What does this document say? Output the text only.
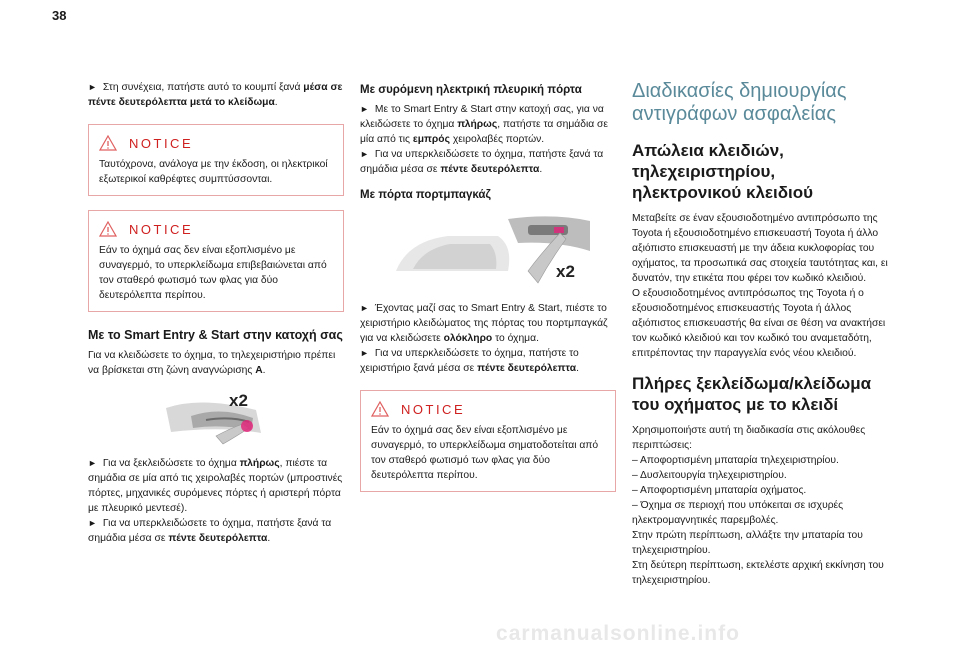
38

► Στη συνέχεια, πατήστε αυτό το κουμπί ξανά μέσα σε πέντε δευτερόλεπτα μετά το κλείδωμα.

NOTICE

Ταυτόχρονα, ανάλογα με την έκδοση, οι ηλεκτρικοί εξωτερικοί καθρέφτες συμπτύσσονται.

NOTICE

Εάν το όχημά σας δεν είναι εξοπλισμένο με συναγερμό, το υπερκλείδωμα επιβεβαιώνεται από τον σταθερό φωτισμό των φλας για δύο δευτερόλεπτα περίπου.

Με το Smart Entry & Start στην κατοχή σας

Για να κλειδώσετε το όχημα, το τηλεχειριστήριο πρέπει να βρίσκεται στη ζώνη αναγνώρισης A.

x2

► Για να ξεκλειδώσετε το όχημα πλήρως, πιέστε τα σημάδια σε μία από τις χειρολαβές πορτών (μπροστινές πόρτες, μηχανικές συρόμενες πόρτες ή αριστερή πόρτα με πλευρικό μεντεσέ).

► Για να υπερκλειδώσετε το όχημα, πατήστε ξανά τα σημάδια μέσα σε πέντε δευτερόλεπτα.

Με συρόμενη ηλεκτρική πλευρική πόρτα

► Με το Smart Entry & Start στην κατοχή σας, για να κλειδώσετε το όχημα πλήρως, πατήστε τα σημάδια σε μία από τις εμπρός χειρολαβές πορτών.

► Για να υπερκλειδώσετε το όχημα, πατήστε ξανά τα σημάδια μέσα σε πέντε δευτερόλεπτα.

Με πόρτα πορτμπαγκάζ
x2

► Έχοντας μαζί σας το Smart Entry & Start, πιέστε το χειριστήριο κλειδώματος της πόρτας του πορτμπαγκάζ για να κλειδώσετε ολόκληρο το όχημα.

► Για να υπερκλειδώσετε το όχημα, πατήστε το χειριστήριο ξανά μέσα σε πέντε δευτερόλεπτα.

NOTICE

Εάν το όχημά σας δεν είναι εξοπλισμένο με συναγερμό, το υπερκλείδωμα σηματοδοτείται από τον σταθερό φωτισμό των φλας για δύο δευτερόλεπτα περίπου.

Διαδικασίες δημιουργίας αντιγράφων ασφαλείας
Απώλεια κλειδιών, τηλεχειριστηρίου, ηλεκτρονικού κλειδιού

Μεταβείτε σε έναν εξουσιοδοτημένο αντιπρόσωπο της Toyota ή εξουσιοδοτημένο επισκευαστή Toyota ή άλλο αξιόπιστο επισκευαστή με την άδεια κυκλοφορίας του οχήματος, τα προσωπικά σας στοιχεία ταυτότητας και, ει δυνατόν, την ετικέτα που φέρει τον κωδικό κλειδιού.

Ο εξουσιοδοτημένος αντιπρόσωπος της Toyota ή ο εξουσιοδοτημένος επισκευαστής Toyota ή άλλος αξιόπιστος επισκευαστής θα είναι σε θέση να ανακτήσει τον κωδικό κλειδιού και τον κωδικό του αναμεταδότη, επιτρέποντας την παραγγελία ενός νέου κλειδιού.

Πλήρες ξεκλείδωμα/κλείδωμα του οχήματος με το κλειδί

Χρησιμοποιήστε αυτή τη διαδικασία στις ακόλουθες περιπτώσεις:

– Αποφορτισμένη μπαταρία τηλεχειριστηρίου.
– Δυσλειτουργία τηλεχειριστηρίου.
– Αποφορτισμένη μπαταρία οχήματος.
– Όχημα σε περιοχή που υπόκειται σε ισχυρές ηλεκτρομαγνητικές παρεμβολές.

Στην πρώτη περίπτωση, αλλάξτε την μπαταρία του τηλεχειριστηρίου.

Στη δεύτερη περίπτωση, εκτελέστε αρχική εκκίνηση του τηλεχειριστηρίου.

carmanualsonline.info
